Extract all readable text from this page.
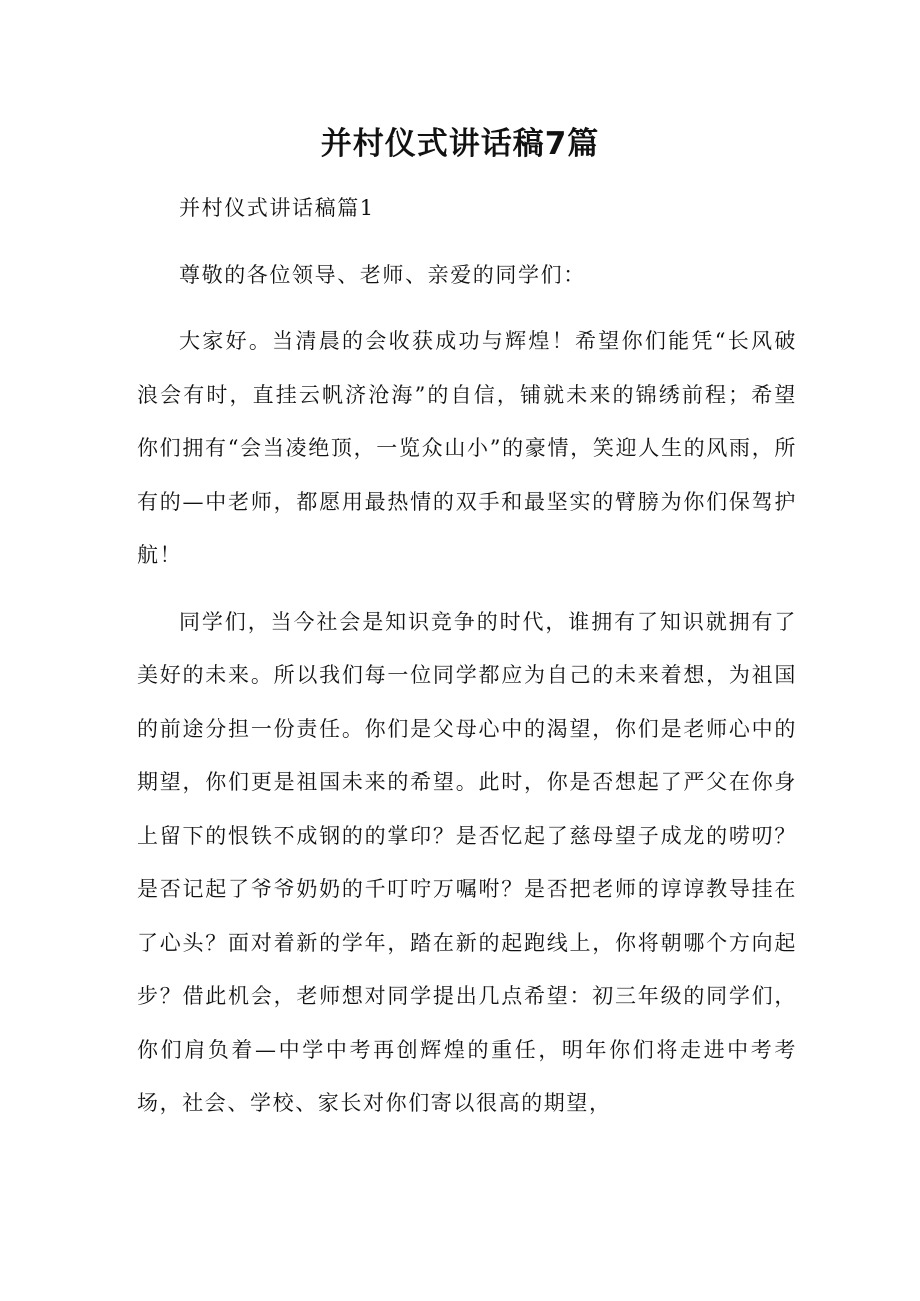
并村仪式讲话稿7篇

并村仪式讲话稿篇1

尊敬的各位领导、老师、亲爱的同学们：

大家好。当清晨的会收获成功与辉煌！希望你们能凭“长风破浪会有时，直挂云帆济沧海”的自信，铺就未来的锦绣前程；希望你们拥有“会当凌绝顶，一览众山小”的豪情，笑迎人生的风雨，所有的—中老师，都愿用最热情的双手和最坚实的臂膀为你们保驾护航！

同学们，当今社会是知识竞争的时代，谁拥有了知识就拥有了美好的未来。所以我们每一位同学都应为自己的未来着想，为祖国的前途分担一份责任。你们是父母心中的渴望，你们是老师心中的期望，你们更是祖国未来的希望。此时，你是否想起了严父在你身上留下的恨铁不成钢的的掌印？是否忆起了慈母望子成龙的唠叨？是否记起了爷爷奶奶的千叮咛万嘱咐？是否把老师的谆谆教导挂在了心头？面对着新的学年，踏在新的起跑线上，你将朝哪个方向起步？借此机会，老师想对同学提出几点希望：初三年级的同学们，你们肩负着—中学中考再创辉煌的重任，明年你们将走进中考考场，社会、学校、家长对你们寄以很高的期望，
